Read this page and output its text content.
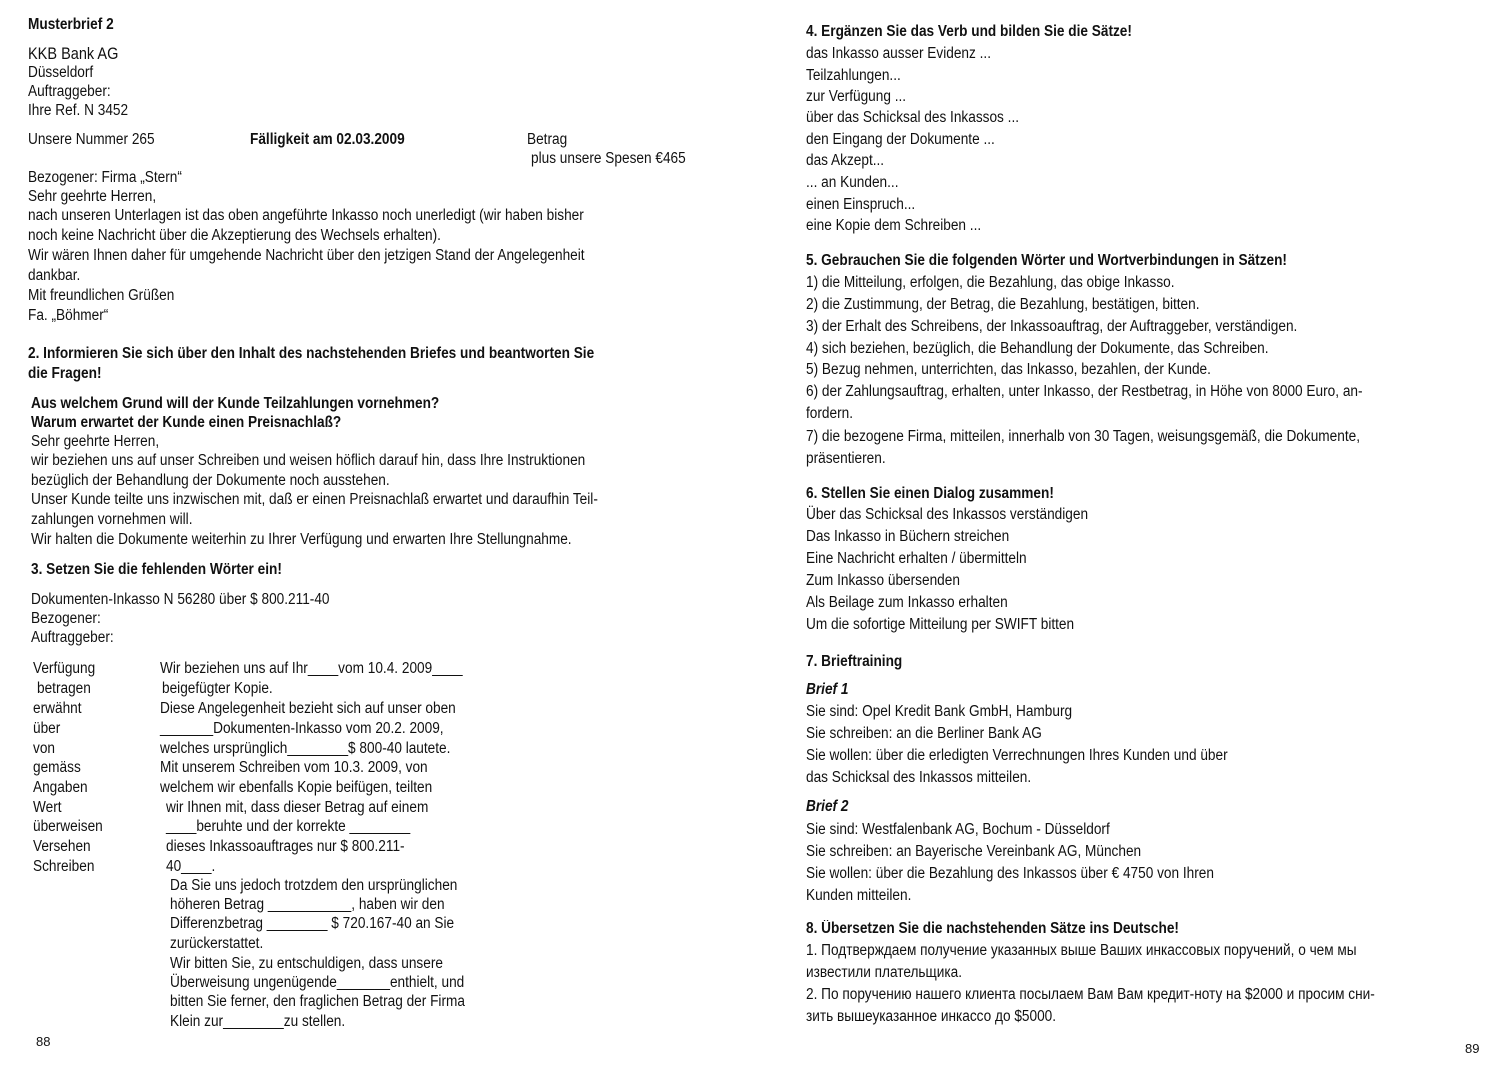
Musterbrief 2
KKB Bank AG
Düsseldorf
Auftraggeber:
Ihre Ref. N 3452
Unsere Nummer 265	Fälligkeit am 02.03.2009	Betrag
plus unsere Spesen €465
Bezogener: Firma „Stern“
Sehr geehrte Herren,
nach unseren Unterlagen ist das oben angeführte Inkasso noch unerledigt (wir haben bisher
noch keine Nachricht über die Akzeptierung des Wechsels erhalten).
Wir wären Ihnen daher für umgehende Nachricht über den jetzigen Stand der Angelegenheit
dankbar.
Mit freundlichen Grüßen
Fa. „Böhmer“
2. Informieren Sie sich über den Inhalt des nachstehenden Briefes und beantworten Sie
die Fragen!
Aus welchem Grund will der Kunde Teilzahlungen vornehmen?
Warum erwartet der Kunde einen Preisnachlaß?
Sehr geehrte Herren,
wir beziehen uns auf unser Schreiben und weisen höflich darauf hin, dass Ihre Instruktionen
bezüglich der Behandlung der Dokumente noch ausstehen.
Unser Kunde teilte uns inzwischen mit, daß er einen Preisnachlaß erwartet und daraufhin Teil-
zahlungen vornehmen will.
Wir halten die Dokumente weiterhin zu Ihrer Verfügung und erwarten Ihre Stellungnahme.
3. Setzen Sie die fehlenden Wörter ein!
Dokumenten-Inkasso N 56280 über $ 800.211-40
Bezogener:
Auftraggeber:
Verfügung
betragen
erwähnt
über
von
gemäss
Angaben
Wert
überweisen
Versehen
Schreiben
Wir beziehen uns auf Ihr____vom 10.4. 2009____
beigefügter Kopie.
Diese Angelegenheit bezieht sich auf unser oben
_______Dokumenten-Inkasso vom 20.2. 2009,
welches ursprünglich________$ 800-40 lautete.
Mit unserem Schreiben vom 10.3. 2009, von
welchem wir ebenfalls Kopie beifügen, teilten
wir Ihnen mit, dass dieser Betrag auf einem
____beruhte und der korrekte ________
dieses Inkassoauftrages nur $ 800.211-
40____.
Da Sie uns jedoch trotzdem den ursprünglichen
höheren Betrag ___________, haben wir den
Differenzbetrag ________ $ 720.167-40 an Sie
zurückerstattet.
Wir bitten Sie, zu entschuldigen, dass unsere
Überweisung ungenügende_______enthielt, und
bitten Sie ferner, den fraglichen Betrag der Firma
Klein zur________zu stellen.
88
4. Ergänzen Sie das Verb und bilden Sie die Sätze!
das Inkasso ausser Evidenz ...
Teilzahlungen...
zur Verfügung ...
über das Schicksal des Inkassos ...
den Eingang der Dokumente ...
das Akzept...
... an Kunden...
einen Einspruch...
eine Kopie dem Schreiben ...
5. Gebrauchen Sie die folgenden Wörter und Wortverbindungen in Sätzen!
1) die Mitteilung, erfolgen, die Bezahlung, das obige Inkasso.
2) die Zustimmung, der Betrag, die Bezahlung, bestätigen, bitten.
3) der Erhalt des Schreibens, der Inkassoauftrag, der Auftraggeber, verständigen.
4) sich beziehen, bezüglich, die Behandlung der Dokumente, das Schreiben.
5) Bezug nehmen, unterrichten, das Inkasso, bezahlen, der Kunde.
6) der Zahlungsauftrag, erhalten, unter Inkasso, der Restbetrag, in Höhe von 8000 Euro, an-
fordern.
7) die bezogene Firma, mitteilen, innerhalb von 30 Tagen, weisungsgemäß, die Dokumente,
präsentieren.
6. Stellen Sie einen Dialog zusammen!
Über das Schicksal des Inkassos verständigen
Das Inkasso in Büchern streichen
Eine Nachricht erhalten / übermitteln
Zum Inkasso übersenden
Als Beilage zum Inkasso erhalten
Um die sofortige Mitteilung per SWIFT bitten
7. Brieftraining
Brief 1
Sie sind: Opel Kredit Bank GmbH, Hamburg
Sie schreiben: an die Berliner Bank AG
Sie wollen: über die erledigten Verrechnungen Ihres Kunden und über
das Schicksal des Inkassos mitteilen.
Brief 2
Sie sind: Westfalenbank AG, Bochum - Düsseldorf
Sie schreiben: an Bayerische Vereinbank AG, München
Sie wollen: über die Bezahlung des Inkassos über € 4750 von Ihren
Kunden mitteilen.
8. Übersetzen Sie die nachstehenden Sätze ins Deutsche!
1. Подтверждаем получение указанных выше Ваших инкассовых поручений, о чем мы
известили плательщика.
2. По поручению нашего клиента посылаем Вам Вам кредит-ноту на $2000 и просим сни-
зить вышеуказанное инкассо до $5000.
89
